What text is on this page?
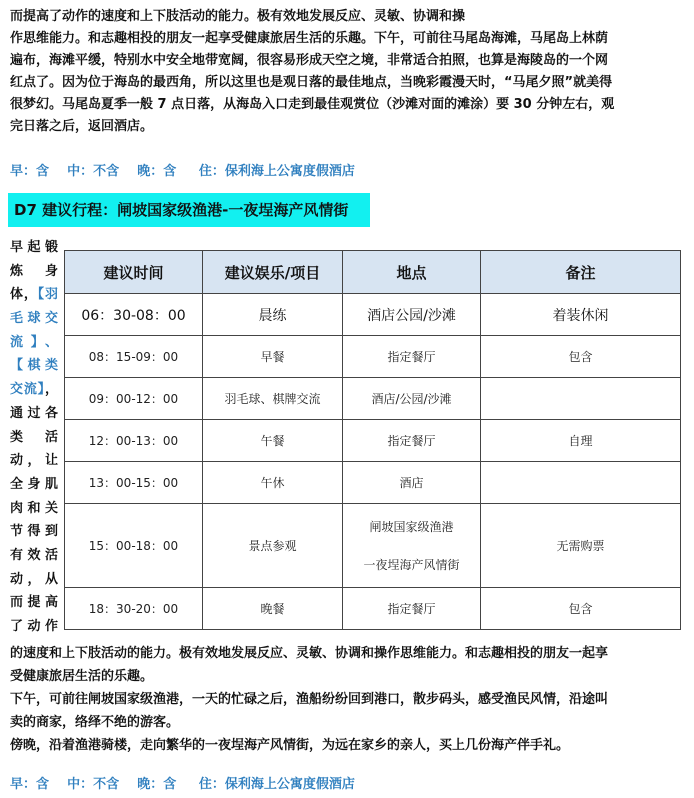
而提高了动作的速度和上下肢活动的能力。极有效地发展反应、灵敏、协调和操
作思维能力。和志趣相投的朋友一起享受健康旅居生活的乐趣。下午，可前往马尾岛海滩，马尾岛上林荫
遍布，海滩平缓，特别水中安全地带宽阔，很容易形成天空之境，非常适合拍照，也算是海陵岛的一个网
红点了。因为位于海岛的最西角，所以这里也是观日落的最佳地点，当晚彩霞漫天时，“马尾夕照”就美得
很梦幻。马尾岛夏季一般 7 点日落，从海岛入口走到最佳观赏位（沙滩对面的滩涂）要 30 分钟左右，观
完日落之后，返回酒店。
早：含 中：不含 晚：含 住：保利海上公寓度假酒店
D7 建议行程：闸坡国家级渔港-一夜埕海产风情街
早起锻
炼　身
体，【羽
毛球交
流】、
【棋类
交流】，
通过各
类　活
动，让
全身肌
肉和关
节得到
有效活
动，从
而提高
了动作
建议时间	建议娱乐/项目	地点	备注
06：30-08：00	晨练	酒店公园/沙滩	着装休闲
08：15-09：00	早餐	指定餐厅	包含
09：00-12：00	羽毛球、棋牌交流	酒店/公园/沙滩	
12：00-13：00	午餐	指定餐厅	自理
13：00-15：00	午休	酒店	
15：00-18：00	景点参观	闸坡国家级渔港
一夜埕海产风情街	无需购票
18：30-20：00	晚餐	指定餐厅	包含
的速度和上下肢活动的能力。极有效地发展反应、灵敏、协调和操作思维能力。和志趣相投的朋友一起享
受健康旅居生活的乐趣。
下午，可前往闸坡国家级渔港，一天的忙碌之后，渔船纷纷回到港口，散步码头，感受渔民风情，沿途叫
卖的商家，络绎不绝的游客。
傍晚，沿着渔港骑楼，走向繁华的一夜埕海产风情街，为远在家乡的亲人，买上几份海产伴手礼。
早：含 中：不含 晚：含 住：保利海上公寓度假酒店
